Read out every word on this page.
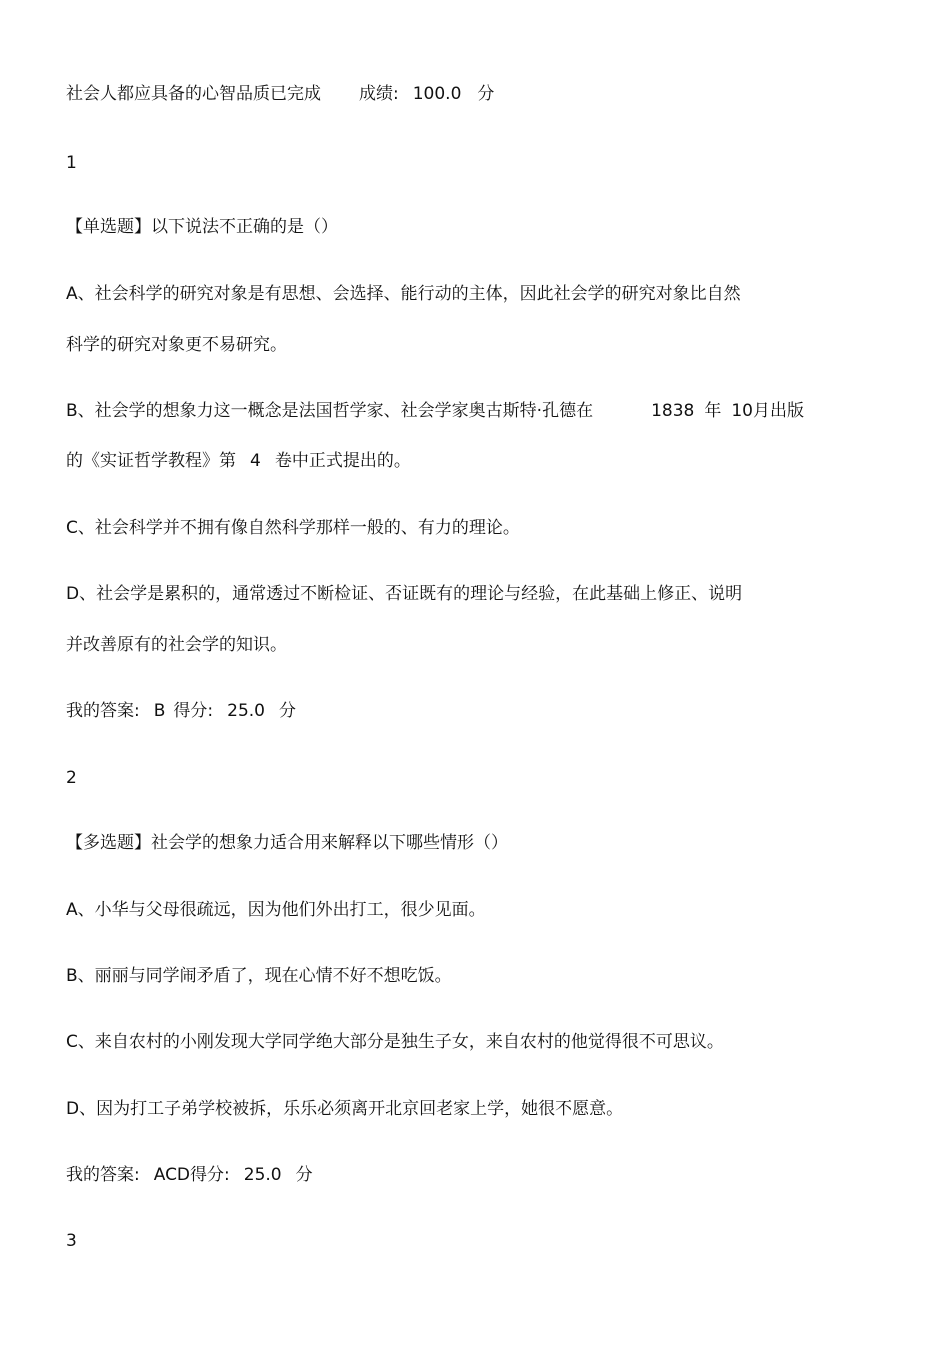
社会人都应具备的心智品质已完成 成绩: 100.0 分
1
【单选题】以下说法不正确的是（）
A、社会科学的研究对象是有思想、会选择、能行动的主体，因此社会学的研究对象比自然
科学的研究对象更不易研究。
B、社会学的想象力这一概念是法国哲学家、社会学家奥古斯特·孔德在	1838 年 10月出版
的《实证哲学教程》第 4 卷中正式提出的。
C、社会科学并不拥有像自然科学那样一般的、有力的理论。
D、社会学是累积的，通常透过不断检证、否证既有的理论与经验，在此基础上修正、说明
并改善原有的社会学的知识。
我的答案: B 得分: 25.0 分
2
【多选题】社会学的想象力适合用来解释以下哪些情形（）
A、小华与父母很疏远，因为他们外出打工，很少见面。
B、丽丽与同学闹矛盾了，现在心情不好不想吃饭。
C、来自农村的小刚发现大学同学绝大部分是独生子女，来自农村的他觉得很不可思议。
D、因为打工子弟学校被拆，乐乐必须离开北京回老家上学，她很不愿意。
我的答案: ACD得分: 25.0 分
3
